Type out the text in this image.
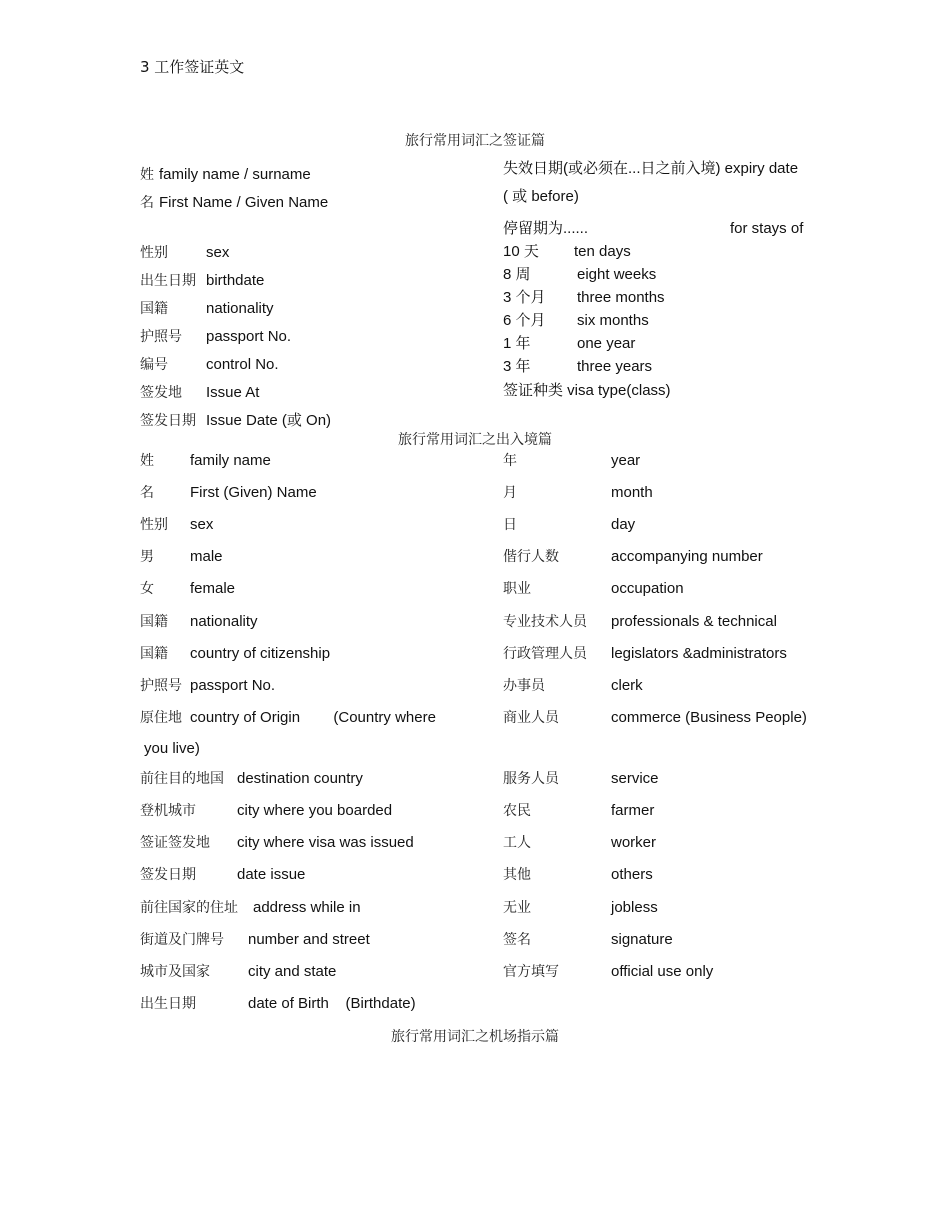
3 工作签证英文
旅行常用词汇之签证篇
姓 family name / surname
名 First Name / Given Name
性别	sex
出生日期 birthdate
国籍	nationality
护照号 passport No.
编号	control No.
签发地 Issue At
签发日期 Issue Date (或 On)
失效日期(或必须在...日之前入境) expiry date
( 或 before)
停留期为......	for stays of
10 天 ten days
8 周	eight weeks
3 个月 three months
6 个月 six months
1 年	one year
3 年	three years
签证种类 visa type(class)
旅行常用词汇之出入境篇
姓 family name
名 First (Given) Name
性别 sex
男 male
女 female
国籍 nationality
国籍 country of citizenship
护照号 passport No.
原住地 country of Origin        (Country where
you live)
前往目的地国 destination country
登机城市	city where you boarded
签证签发地 city where visa was issued
签发日期	date issue
前往国家的住址 address while in
街道及门牌号 number and street
城市及国家	city and state
出生日期	date of Birth    (Birthdate)
年	year
月	month
日	day
偕行人数	accompanying number
职业	occupation
专业技术人员 professionals & technical
行政管理人员 legislators &administrators
办事员	clerk
商业人员	commerce (Business People)
服务人员	service
农民	farmer
工人	worker
其他	others
无业	jobless
签名	signature
官方填写	official use only
旅行常用词汇之机场指示篇
